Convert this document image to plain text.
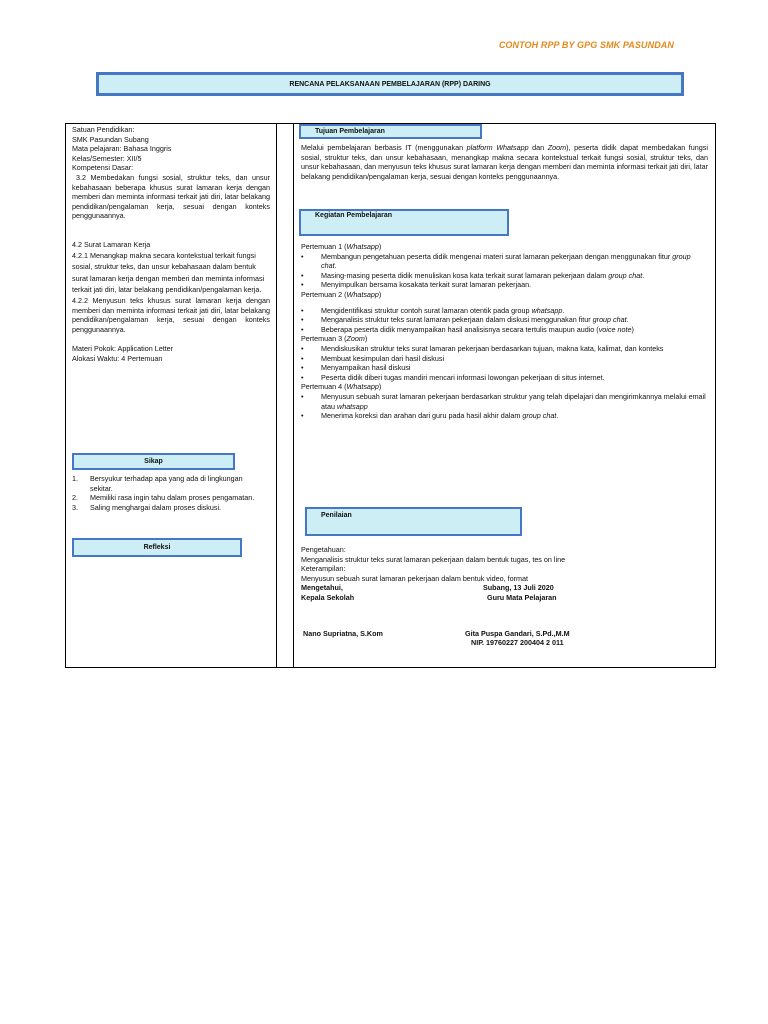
CONTOH RPP BY GPG SMK PASUNDAN
RENCANA PELAKSANAAN PEMBELAJARAN (RPP) DARING
Satuan Pendidikan:
SMK Pasundan Subang
Mata pelajaran: Bahasa Inggris
Kelas/Semester: XII/5
Kompetensi Dasar:
3.2 Membedakan fungsi sosial, struktur teks, dan unsur kebahasaan beberapa khusus surat lamaran kerja dengan memberi dan meminta informasi terkait jati diri, latar belakang pendidikan/pengalaman kerja, sesuai dengan konteks penggunaannya.
4.2 Surat Lamaran Kerja
4.2.1 Menangkap makna secara kontekstual terkait fungsi sosial, struktur teks, dan unsur kebahasaan dalam bentuk surat lamaran kerja dengan memberi dan meminta informasi terkait jati diri, latar belakang pendidikan/pengalaman kerja.
4.2.2 Menyusun teks khusus surat lamaran kerja dengan memberi dan meminta informasi terkait jati diri, latar belakang pendidikan/pengalaman kerja, sesuai dengan konteks penggunaannya.
Materi Pokok: Application Letter
Alokasi Waktu: 4 Pertemuan
Sikap
1.	Bersyukur terhadap apa yang ada di lingkungan sekitar.
2.	Memiliki rasa ingin tahu dalam proses pengamatan.
3.	Saling menghargai dalam proses diskusi.
Refleksi
Tujuan Pembelajaran
Melalui pembelajaran berbasis IT (menggunakan platform Whatsapp dan Zoom), peserta didik dapat membedakan fungsi sosial, struktur teks, dan unsur kebahasaan, menangkap makna secara kontekstual terkait fungsi sosial, struktur teks, dan unsur kebahasaan, dan menyusun teks khusus surat lamaran kerja dengan memberi dan meminta informasi terkait jati diri, latar belakang pendidikan/pengalaman kerja, sesuai dengan konteks penggunaannya.
Kegiatan Pembelajaran
Pertemuan 1 (Whatsapp)
•	Membangun pengetahuan peserta didik mengenai materi surat lamaran pekerjaan dengan menggunakan fitur group chat.
•	Masing-masing peserta didik menuliskan kosa kata terkait surat lamaran pekerjaan dalam group chat.
•	Menyimpulkan bersama kosakata terkait surat lamaran pekerjaan.
Pertemuan 2 (Whatsapp)
•	Mengidentifikasi struktur contoh surat lamaran otentik pada group whatsapp.
•	Menganalisis struktur teks surat lamaran pekerjaan dalam diskusi menggunakan fitur group chat.
•	Beberapa peserta didik menyampaikan hasil analisisnya secara tertulis maupun audio (voice note)
Pertemuan 3 (Zoom)
•	Mendiskusikan struktur teks surat lamaran pekerjaan berdasarkan tujuan, makna kata, kalimat, dan konteks
•	Membuat kesimpulan dari hasil diskusi
•	Menyampaikan hasil diskusi
•	Peserta didik diberi tugas mandiri mencari informasi lowongan pekerjaan di situs internet.
Pertemuan 4 (Whatsapp)
•	Menyusun sebuah surat lamaran pekerjaan berdasarkan struktur yang telah dipelajari dan mengirimkannya melalui email atau whatsapp
•	Menerima koreksi dan arahan dari guru pada hasil akhir dalam group chat.
Penilaian
Pengetahuan:
Menganalisis struktur teks surat lamaran pekerjaan dalam bentuk tugas, tes on line
Keterampilan:
Menyusun sebuah surat lamaran pekerjaan dalam bentuk video, format
Mengetahui,	Subang, 13 Juli 2020
Kepala Sekolah	Guru Mata Pelajaran
Nano Supriatna, S.Kom	Gita Puspa Gandari, S.Pd.,M.M
NIP. 19760227 200404 2 011
